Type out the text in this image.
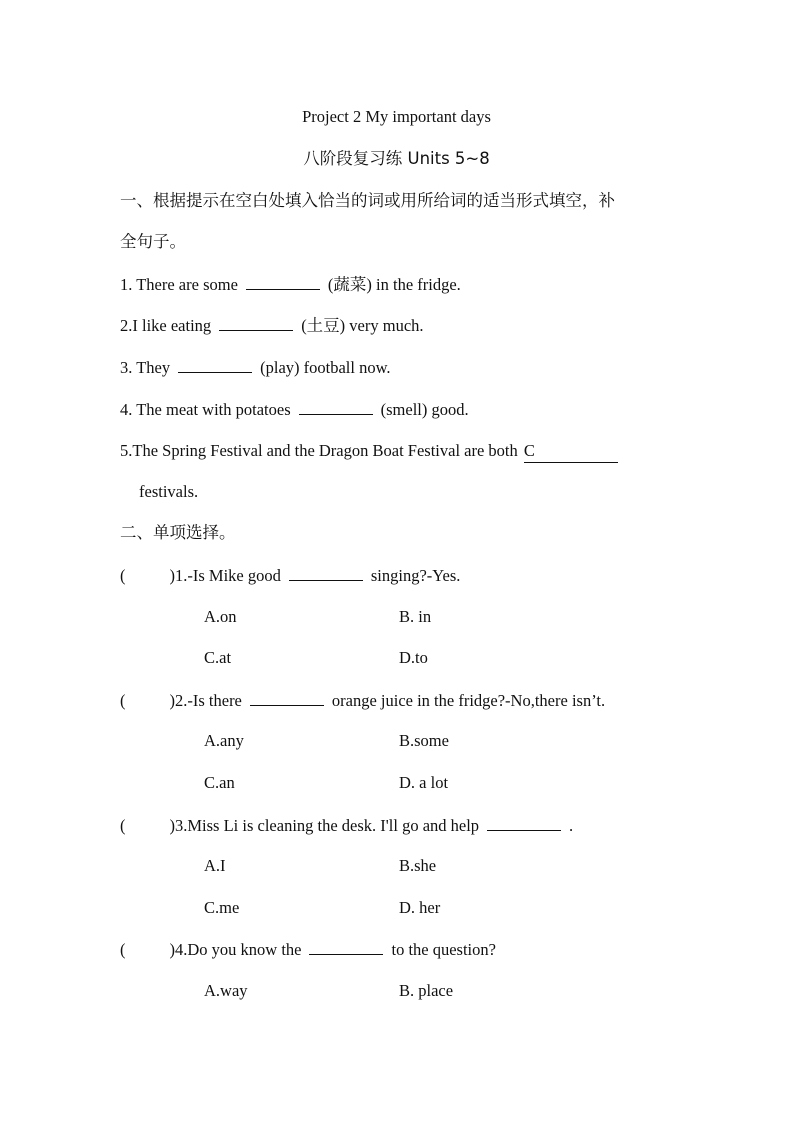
Project 2 My important days
八阶段复习练 Units 5~8
一、根据提示在空白处填入恰当的词或用所给词的适当形式填空，补
全句子。
1. There are some	(蔬菜) in the fridge.
2.I like eating	(土豆) very much.
3. They	(play) football now.
4. The meat with potatoes	(smell) good.
5.The Spring Festival and the Dragon Boat Festival are both C
festivals.
二、单项选择。
(	)1.-Is Mike good	singing?-Yes.
A.on	B. in
C.at	D.to
(	)2.-Is there	orange juice in the fridge?-No,there isn’t.
A.any	B.some
C.an	D. a lot
(	)3.Miss Li is cleaning the desk. I'll go and help	.
A.I	B.she
C.me	D. her
(	)4.Do you know the	to the question?
A.way	B. place
